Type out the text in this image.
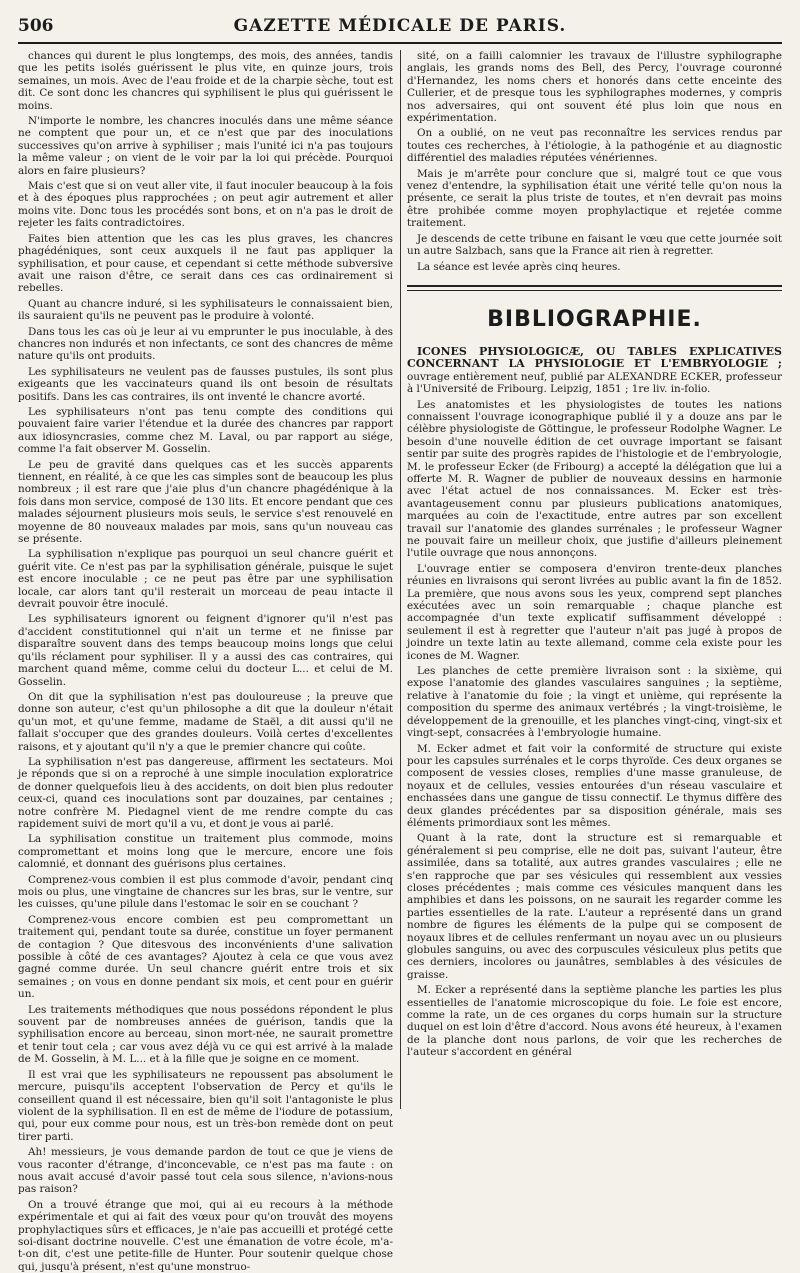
506	GAZETTE MÉDICALE DE PARIS.

chances qui durent le plus longtemps, des mois, des années, tandis que les petits isolés guérissent le plus vite, en quinze jours, trois semaines, un mois. Avec de l'eau froide et de la charpie sèche, tout est dit. Ce sont donc les chancres qui syphilisent le plus qui guérissent le moins.

N'importe le nombre, les chancres inoculés dans une même séance ne comptent que pour un, et ce n'est que par des inoculations successives qu'on arrive à syphiliser ; mais l'unité ici n'a pas toujours la même valeur ; on vient de le voir par la loi qui précède. Pourquoi alors en faire plusieurs?

Mais c'est que si on veut aller vite, il faut inoculer beaucoup à la fois et à des époques plus rapprochées ; on peut agir autrement et aller moins vite. Donc tous les procédés sont bons, et on n'a pas le droit de rejeter les faits contradictoires.

Faites bien attention que les cas les plus graves, les chancres phagédéniques, sont ceux auxquels il ne faut pas appliquer la syphilisation, et pour cause, et cependant si cette méthode subversive avait une raison d'être, ce serait dans ces cas ordinairement si rebelles.

Quant au chancre induré, si les syphilisateurs le connaissaient bien, ils sauraient qu'ils ne peuvent pas le produire à volonté.

Dans tous les cas où je leur ai vu emprunter le pus inoculable, à des chancres non indurés et non infectants, ce sont des chancres de même nature qu'ils ont produits.

Les syphilisateurs ne veulent pas de fausses pustules, ils sont plus exigeants que les vaccinateurs quand ils ont besoin de résultats positifs. Dans les cas contraires, ils ont inventé le chancre avorté.

Les syphilisateurs n'ont pas tenu compte des conditions qui pouvaient faire varier l'étendue et la durée des chancres par rapport aux idiosyncrasies, comme chez M. Laval, ou par rapport au siége, comme l'a fait observer M. Gosselin.

Le peu de gravité dans quelques cas et les succès apparents tiennent, en réalité, à ce que les cas simples sont de beaucoup les plus nombreux ; il est rare que j'aie plus d'un chancre phagédénique à la fois dans mon service, composé de 130 lits. Et encore pendant que ces malades séjournent plusieurs mois seuls, le service s'est renouvelé en moyenne de 80 nouveaux malades par mois, sans qu'un nouveau cas se présente.

La syphilisation n'explique pas pourquoi un seul chancre guérit et guérit vite. Ce n'est pas par la syphilisation générale, puisque le sujet est encore inoculable ; ce ne peut pas être par une syphilisation locale, car alors tant qu'il resterait un morceau de peau intacte il devrait pouvoir être inoculé.

Les syphilisateurs ignorent ou feignent d'ignorer qu'il n'est pas d'accident constitutionnel qui n'ait un terme et ne finisse par disparaître souvent dans des temps beaucoup moins longs que celui qu'ils réclament pour syphiliser. Il y a aussi des cas contraires, qui marchent quand même, comme celui du docteur L... et celui de M. Gosselin.

On dit que la syphilisation n'est pas douloureuse ; la preuve que donne son auteur, c'est qu'un philosophe a dit que la douleur n'était qu'un mot, et qu'une femme, madame de Staël, a dit aussi qu'il ne fallait s'occuper que des grandes douleurs. Voilà certes d'excellentes raisons, et y ajoutant qu'il n'y a que le premier chancre qui coûte.

La syphilisation n'est pas dangereuse, affirment les sectateurs. Moi je réponds que si on a reproché à une simple inoculation exploratrice de donner quelquefois lieu à des accidents, on doit bien plus redouter ceux-ci, quand ces inoculations sont par douzaines, par centaines ; notre confrère M. Piedagnel vient de me rendre compte du cas rapidement suivi de mort qu'il a vu, et dont je vous ai parlé.

La syphilisation constitue un traitement plus commode, moins compromettant et moins long que le mercure, encore une fois calomnié, et donnant des guérisons plus certaines.

Comprenez-vous combien il est plus commode d'avoir, pendant cinq mois ou plus, une vingtaine de chancres sur les bras, sur le ventre, sur les cuisses, qu'une pilule dans l'estomac le soir en se couchant ?

Comprenez-vous encore combien est peu compromettant un traitement qui, pendant toute sa durée, constitue un foyer permanent de contagion ? Que ditesvous des inconvénients d'une salivation possible à côté de ces avantages? Ajoutez à cela ce que vous avez gagné comme durée. Un seul chancre guérit entre trois et six semaines ; on vous en donne pendant six mois, et cent pour en guérir un.

Les traitements méthodiques que nous possédons répondent le plus souvent par de nombreuses années de guérison, tandis que la syphilisation encore au berceau, sinon mort-née, ne saurait promettre et tenir tout cela ; car vous avez déjà vu ce qui est arrivé à la malade de M. Gosselin, à M. L... et à la fille que je soigne en ce moment.

Il est vrai que les syphilisateurs ne repoussent pas absolument le mercure, puisqu'ils acceptent l'observation de Percy et qu'ils le conseillent quand il est nécessaire, bien qu'il soit l'antagoniste le plus violent de la syphilisation. Il en est de même de l'iodure de potassium, qui, pour eux comme pour nous, est un très-bon remède dont on peut tirer parti.

Ah! messieurs, je vous demande pardon de tout ce que je viens de vous raconter d'étrange, d'inconcevable, ce n'est pas ma faute : on nous avait accusé d'avoir passé tout cela sous silence, n'avions-nous pas raison?

On a trouvé étrange que moi, qui ai eu recours à la méthode expérimentale et qui ai fait des vœux pour qu'on trouvât des moyens prophylactiques sûrs et efficaces, je n'aie pas accueilli et protégé cette soi-disant doctrine nouvelle. C'est une émanation de votre école, m'a-t-on dit, c'est une petite-fille de Hunter. Pour soutenir quelque chose qui, jusqu'à présent, n'est qu'une monstruo-

sité, on a failli calomnier les travaux de l'illustre syphilographe anglais, les grands noms des Bell, des Percy, l'ouvrage couronné d'Hernandez, les noms chers et honorés dans cette enceinte des Cullerier, et de presque tous les syphilographes modernes, y compris nos adversaires, qui ont souvent été plus loin que nous en expérimentation.

On a oublié, on ne veut pas reconnaître les services rendus par toutes ces recherches, à l'étiologie, à la pathogénie et au diagnostic différentiel des maladies réputées vénériennes.

Mais je m'arrête pour conclure que si, malgré tout ce que vous venez d'entendre, la syphilisation était une vérité telle qu'on nous la présente, ce serait la plus triste de toutes, et n'en devrait pas moins être prohibée comme moyen prophylactique et rejetée comme traitement.

Je descends de cette tribune en faisant le vœu que cette journée soit un autre Salzbach, sans que la France ait rien à regretter.

La séance est levée après cinq heures.

BIBLIOGRAPHIE.

ICONES PHYSIOLOGICÆ, OU TABLES EXPLICATIVES CONCERNANT LA PHYSIOLOGIE ET L'EMBRYOLOGIE ; ouvrage entièrement neuf, publié par ALEXANDRE ECKER, professeur à l'Université de Fribourg. Leipzig, 1851 ; 1re liv. in-folio.

Les anatomistes et les physiologistes de toutes les nations connaissent l'ouvrage iconographique publié il y a douze ans par le célèbre physiologiste de Göttingue, le professeur Rodolphe Wagner. Le besoin d'une nouvelle édition de cet ouvrage important se faisant sentir par suite des progrès rapides de l'histologie et de l'embryologie, M. le professeur Ecker (de Fribourg) a accepté la délégation que lui a offerte M. R. Wagner de publier de nouveaux dessins en harmonie avec l'état actuel de nos connaissances. M. Ecker est très-avantageusement connu par plusieurs publications anatomiques, marquées au coin de l'exactitude, entre autres par son excellent travail sur l'anatomie des glandes surrénales ; le professeur Wagner ne pouvait faire un meilleur choix, que justifie d'ailleurs pleinement l'utile ouvrage que nous annonçons.

L'ouvrage entier se composera d'environ trente-deux planches réunies en livraisons qui seront livrées au public avant la fin de 1852. La première, que nous avons sous les yeux, comprend sept planches exécutées avec un soin remarquable ; chaque planche est accompagnée d'un texte explicatif suffisamment développé : seulement il est à regretter que l'auteur n'ait pas jugé à propos de joindre un texte latin au texte allemand, comme cela existe pour les icones de M. Wagner.

Les planches de cette première livraison sont : la sixième, qui expose l'anatomie des glandes vasculaires sanguines ; la septième, relative à l'anatomie du foie ; la vingt et unième, qui représente la composition du sperme des animaux vertébrés ; la vingt-troisième, le développement de la grenouille, et les planches vingt-cinq, vingt-six et vingt-sept, consacrées à l'embryologie humaine.

M. Ecker admet et fait voir la conformité de structure qui existe pour les capsules surrénales et le corps thyroïde. Ces deux organes se composent de vessies closes, remplies d'une masse granuleuse, de noyaux et de cellules, vessies entourées d'un réseau vasculaire et enchassées dans une gangue de tissu connectif. Le thymus diffère des deux glandes précédentes par sa disposition générale, mais ses éléments primordiaux sont les mêmes.

Quant à la rate, dont la structure est si remarquable et généralement si peu comprise, elle ne doit pas, suivant l'auteur, être assimilée, dans sa totalité, aux autres grandes vasculaires ; elle ne s'en rapproche que par ses vésicules qui ressemblent aux vessies closes précédentes ; mais comme ces vésicules manquent dans les amphibies et dans les poissons, on ne saurait les regarder comme les parties essentielles de la rate. L'auteur a représenté dans un grand nombre de figures les éléments de la pulpe qui se composent de noyaux libres et de cellules renfermant un noyau avec un ou plusieurs globules sanguins, ou avec des corpuscules vésiculeux plus petits que ces derniers, incolores ou jaunâtres, semblables à des vésicules de graisse.

M. Ecker a représenté dans la septième planche les parties les plus essentielles de l'anatomie microscopique du foie. Le foie est encore, comme la rate, un de ces organes du corps humain sur la structure duquel on est loin d'être d'accord. Nous avons été heureux, à l'examen de la planche dont nous parlons, de voir que les recherches de l'auteur s'accordent en général
